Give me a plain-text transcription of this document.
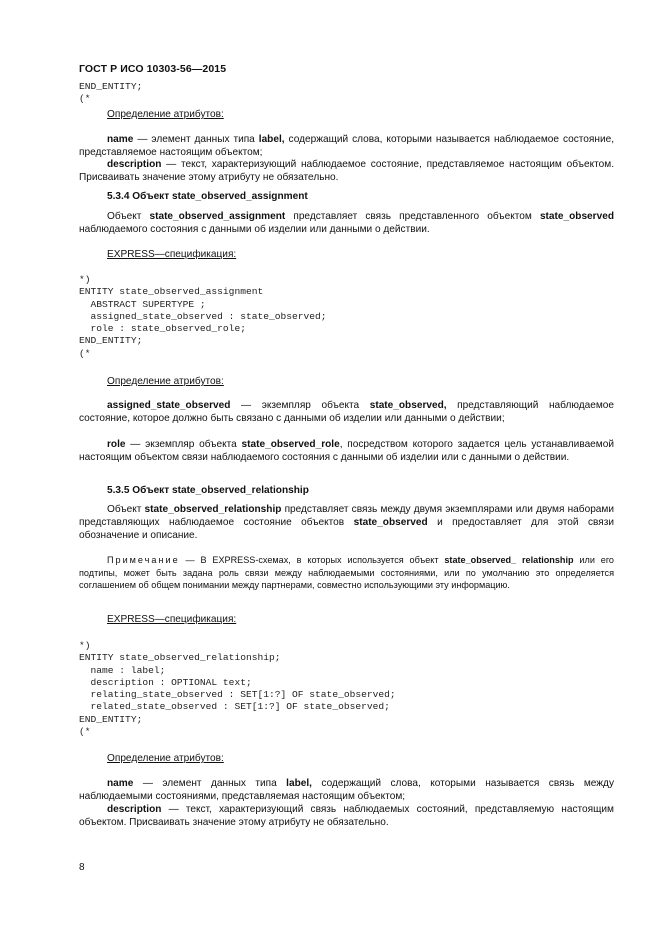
ГОСТ Р ИСО 10303-56—2015
END_ENTITY;
(*
Определение атрибутов:

name — элемент данных типа label, содержащий слова, которыми называется наблюдаемое состояние, представляемое настоящим объектом;

description — текст, характеризующий наблюдаемое состояние, представляемое настоящим объектом. Присваивать значение этому атрибуту не обязательно.

5.3.4 Объект state_observed_assignment

Объект state_observed_assignment представляет связь представленного объектом state_observed наблюдаемого состояния с данными об изделии или данными о действии.

EXPRESS—спецификация:
*)
ENTITY state_observed_assignment
ABSTRACT SUPERTYPE ;
assigned_state_observed : state_observed;
role : state_observed_role;
END_ENTITY;
(*
Определение атрибутов:

assigned_state_observed — экземпляр объекта state_observed, представляющий наблюдаемое состояние, которое должно быть связано с данными об изделии или данными о действии;

role — экземпляр объекта state_observed_role, посредством которого задается цель устанавливаемой настоящим объектом связи наблюдаемого состояния с данными об изделии или с данными о действии.

5.3.5 Объект state_observed_relationship

Объект state_observed_relationship представляет связь между двумя экземплярами или двумя наборами представляющих наблюдаемое состояние объектов state_observed и предоставляет для этой связи обозначение и описание.

Примечание — В EXPRESS-схемах, в которых используется объект state_observed_ relationship или его подтипы, может быть задана роль связи между наблюдаемыми состояниями, или по умолчанию это определяется соглашением об общем понимании между партнерами, совместно использующими эту информацию.

EXPRESS—спецификация:
*)
ENTITY state_observed_relationship;
name : label;
description : OPTIONAL text;
relating_state_observed : SET[1:?] OF state_observed;
related_state_observed : SET[1:?] OF state_observed;
END_ENTITY;
(*
Определение атрибутов:

name — элемент данных типа label, содержащий слова, которыми называется связь между наблюдаемыми состояниями, представляемая настоящим объектом;

description — текст, характеризующий связь наблюдаемых состояний, представляемую настоящим объектом. Присваивать значение этому атрибуту не обязательно.

8
